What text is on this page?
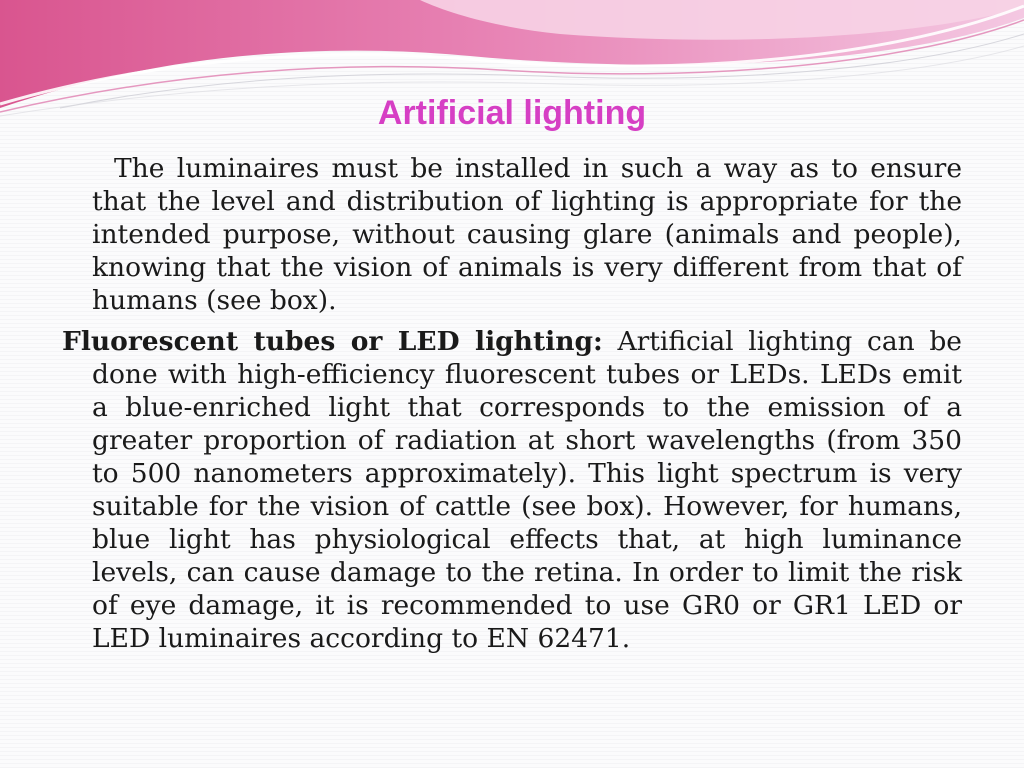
Artificial lighting

The luminaires must be installed in such a way as to ensure that the level and distribution of lighting is appropriate for the intended purpose, without causing glare (animals and people), knowing that the vision of animals is very different from that of humans (see box).

Fluorescent tubes or LED lighting: Artificial lighting can be done with high-efficiency fluorescent tubes or LEDs. LEDs emit a blue-enriched light that corresponds to the emission of a greater proportion of radiation at short wavelengths (from 350 to 500 nanometers approximately). This light spectrum is very suitable for the vision of cattle (see box). However, for humans, blue light has physiological effects that, at high luminance levels, can cause damage to the retina. In order to limit the risk of eye damage, it is recommended to use GR0 or GR1 LED or LED luminaires according to EN 62471.
